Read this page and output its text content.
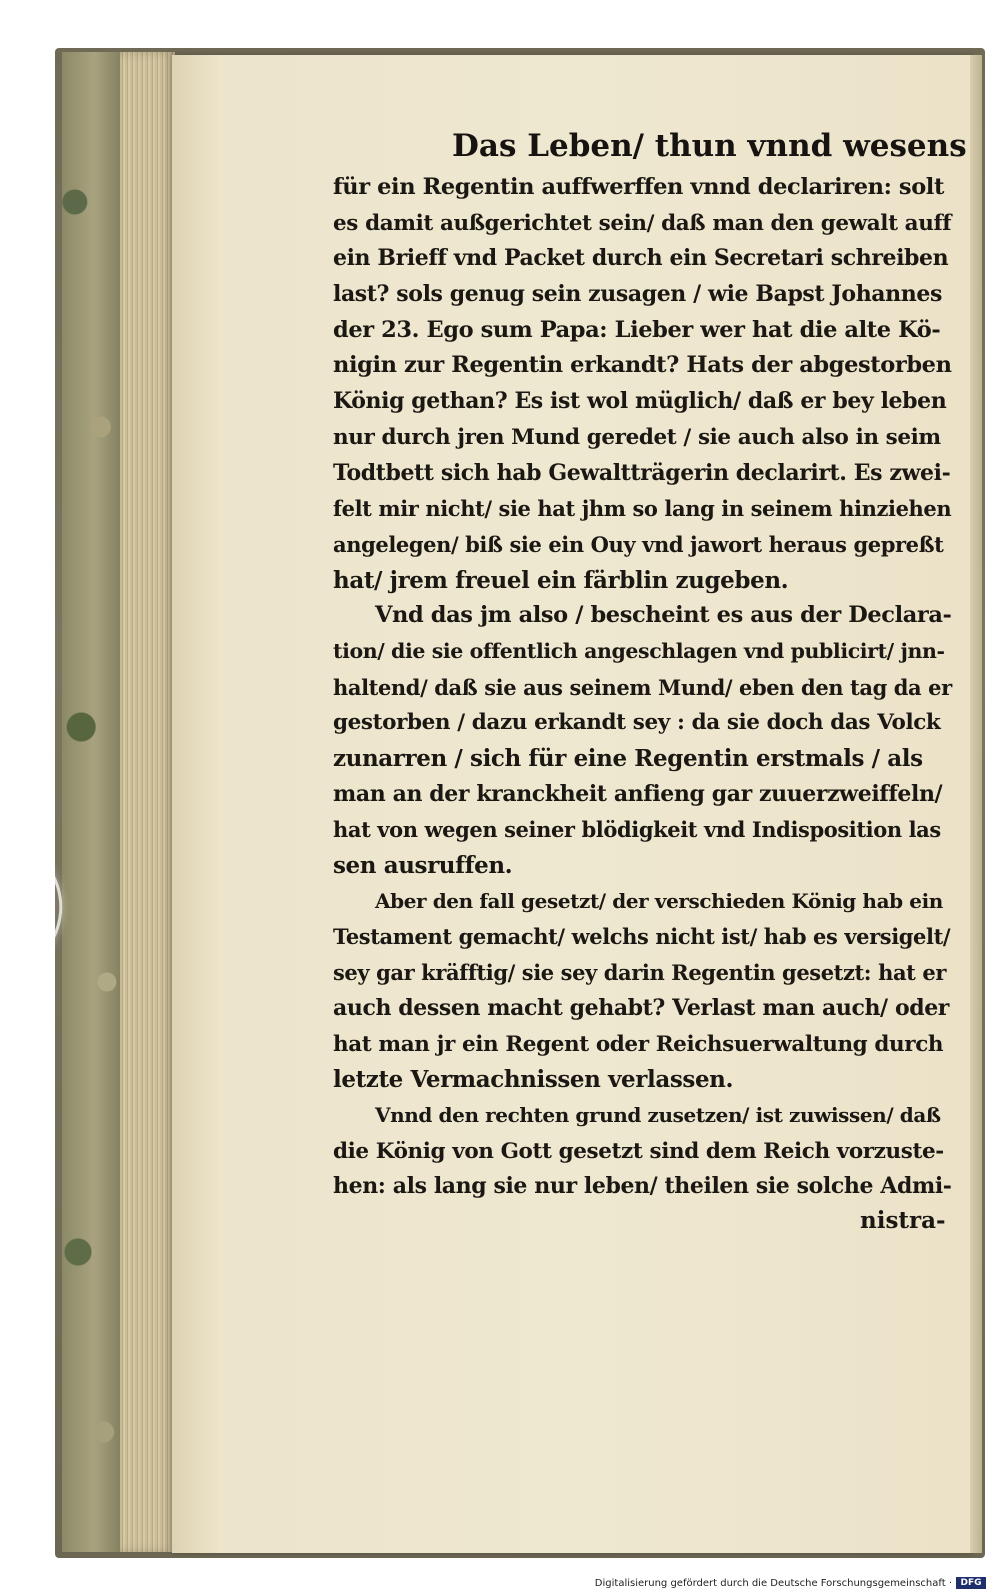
Das Leben/ thun vnnd wesens
für ein Regentin auffwerffen vnnd declariren: solt
es damit außgerichtet sein/ daß man den gewalt auff
ein Brieff vnd Packet durch ein Secretari schreiben
last? sols genug sein zusagen / wie Bapst Johannes
der 23. Ego sum Papa: Lieber wer hat die alte Kö-
nigin zur Regentin erkandt? Hats der abgestorben
König gethan? Es ist wol müglich/ daß er bey leben
nur durch jren Mund geredet / sie auch also in seim
Todtbett sich hab Gewaltträgerin declarirt. Es zwei-
felt mir nicht/ sie hat jhm so lang in seinem hinziehen
angelegen/ biß sie ein Ouy vnd jawort heraus gepreßt
hat/ jrem freuel ein färblin zugeben.
Vnd das jm also / bescheint es aus der Declara-
tion/ die sie offentlich angeschlagen vnd publicirt/ jnn-
haltend/ daß sie aus seinem Mund/ eben den tag da er
gestorben / dazu erkandt sey : da sie doch das Volck
zunarren / sich für eine Regentin erstmals / als
man an der kranckheit anfieng gar zuuerzweiffeln/
hat von wegen seiner blödigkeit vnd Indisposition las
sen ausruffen.
Aber den fall gesetzt/ der verschieden König hab ein
Testament gemacht/ welchs nicht ist/ hab es versigelt/
sey gar kräfftig/ sie sey darin Regentin gesetzt: hat er
auch dessen macht gehabt? Verlast man auch/ oder
hat man jr ein Regent oder Reichsuerwaltung durch
letzte Vermachnissen verlassen.
Vnnd den rechten grund zusetzen/ ist zuwissen/ daß
die König von Gott gesetzt sind dem Reich vorzuste-
hen: als lang sie nur leben/ theilen sie solche Admi-
nistra-
Digitalisierung gefördert durch die Deutsche Forschungsgemeinschaft · DFG
